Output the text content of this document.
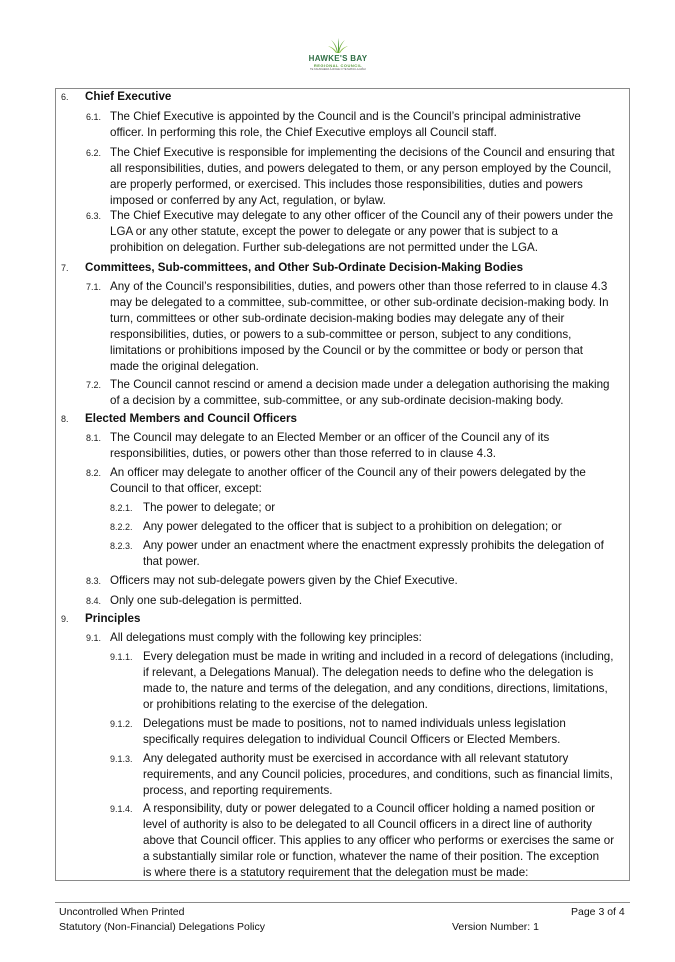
HAWKE'S BAY
REGIONAL COUNCIL
TE KAUNIHERA Ā-ROHE O TE MATAU-A-MĀUI
6. Chief Executive
6.1. The Chief Executive is appointed by the Council and is the Council’s principal administrative
officer. In performing this role, the Chief Executive employs all Council staff.
6.2. The Chief Executive is responsible for implementing the decisions of the Council and ensuring that
all responsibilities, duties, and powers delegated to them, or any person employed by the Council,
are properly performed, or exercised. This includes those responsibilities, duties and powers
imposed or conferred by any Act, regulation, or bylaw.
6.3. The Chief Executive may delegate to any other officer of the Council any of their powers under the
LGA or any other statute, except the power to delegate or any power that is subject to a
prohibition on delegation. Further sub-delegations are not permitted under the LGA.
7. Committees, Sub-committees, and Other Sub-Ordinate Decision-Making Bodies
7.1. Any of the Council’s responsibilities, duties, and powers other than those referred to in clause 4.3
may be delegated to a committee, sub-committee, or other sub-ordinate decision-making body. In
turn, committees or other sub-ordinate decision-making bodies may delegate any of their
responsibilities, duties, or powers to a sub-committee or person, subject to any conditions,
limitations or prohibitions imposed by the Council or by the committee or body or person that
made the original delegation.
7.2. The Council cannot rescind or amend a decision made under a delegation authorising the making
of a decision by a committee, sub-committee, or any sub-ordinate decision-making body.
8. Elected Members and Council Officers
8.1. The Council may delegate to an Elected Member or an officer of the Council any of its
responsibilities, duties, or powers other than those referred to in clause 4.3.
8.2. An officer may delegate to another officer of the Council any of their powers delegated by the
Council to that officer, except:
8.2.1. The power to delegate; or
8.2.2. Any power delegated to the officer that is subject to a prohibition on delegation; or
8.2.3. Any power under an enactment where the enactment expressly prohibits the delegation of
that power.
8.3. Officers may not sub-delegate powers given by the Chief Executive.
8.4. Only one sub-delegation is permitted.
9. Principles
9.1. All delegations must comply with the following key principles:
9.1.1. Every delegation must be made in writing and included in a record of delegations (including,
if relevant, a Delegations Manual). The delegation needs to define who the delegation is
made to, the nature and terms of the delegation, and any conditions, directions, limitations,
or prohibitions relating to the exercise of the delegation.
9.1.2. Delegations must be made to positions, not to named individuals unless legislation
specifically requires delegation to individual Council Officers or Elected Members.
9.1.3. Any delegated authority must be exercised in accordance with all relevant statutory
requirements, and any Council policies, procedures, and conditions, such as financial limits,
process, and reporting requirements.
9.1.4. A responsibility, duty or power delegated to a Council officer holding a named position or
level of authority is also to be delegated to all Council officers in a direct line of authority
above that Council officer. This applies to any officer who performs or exercises the same or
a substantially similar role or function, whatever the name of their position. The exception
is where there is a statutory requirement that the delegation must be made:
Uncontrolled When Printed
Statutory (Non-Financial) Delegations Policy
Page 3 of 4
Version Number: 1
